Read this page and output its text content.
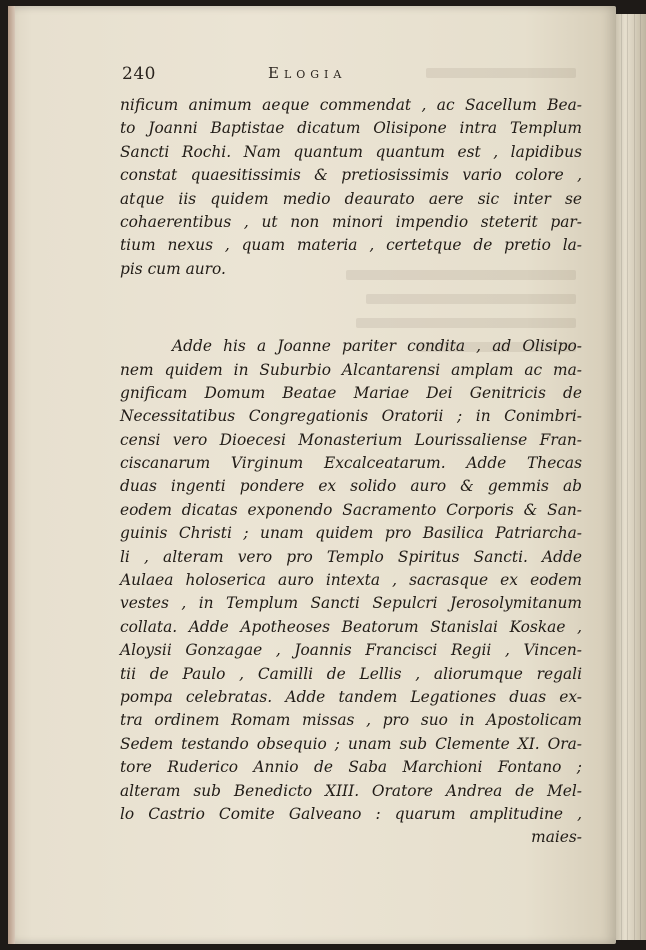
240	Elogia
nificum animum aeque commendat , ac Sacellum Bea-
to Joanni Baptistae dicatum Olisipone intra Templum
Sancti Rochi. Nam quantum quantum est , lapidibus
constat quaesitissimis & pretiosissimis vario colore ,
atque iis quidem medio deaurato aere sic inter se
cohaerentibus , ut non minori impendio steterit par-
tium nexus , quam materia , certetque de pretio la-
pis cum auro.
Adde his a Joanne pariter condita , ad Olisipo-
nem quidem in Suburbio Alcantarensi amplam ac ma-
gnificam Domum Beatae Mariae Dei Genitricis de
Necessitatibus Congregationis Oratorii ; in Conimbri-
censi vero Dioecesi Monasterium Lourissaliense Fran-
ciscanarum Virginum Excalceatarum. Adde Thecas
duas ingenti pondere ex solido auro & gemmis ab
eodem dicatas exponendo Sacramento Corporis & San-
guinis Christi ; unam quidem pro Basilica Patriarcha-
li , alteram vero pro Templo Spiritus Sancti. Adde
Aulaea holoserica auro intexta , sacrasque ex eodem
vestes , in Templum Sancti Sepulcri Jerosolymitanum
collata. Adde Apotheoses Beatorum Stanislai Koskae ,
Aloysii Gonzagae , Joannis Francisci Regii , Vincen-
tii de Paulo , Camilli de Lellis , aliorumque regali
pompa celebratas. Adde tandem Legationes duas ex-
tra ordinem Romam missas , pro suo in Apostolicam
Sedem testando obsequio ; unam sub Clemente XI. Ora-
tore Ruderico Annio de Saba Marchioni Fontano ;
alteram sub Benedicto XIII. Oratore Andrea de Mel-
lo Castrio Comite Galveano : quarum amplitudine ,
maies-
